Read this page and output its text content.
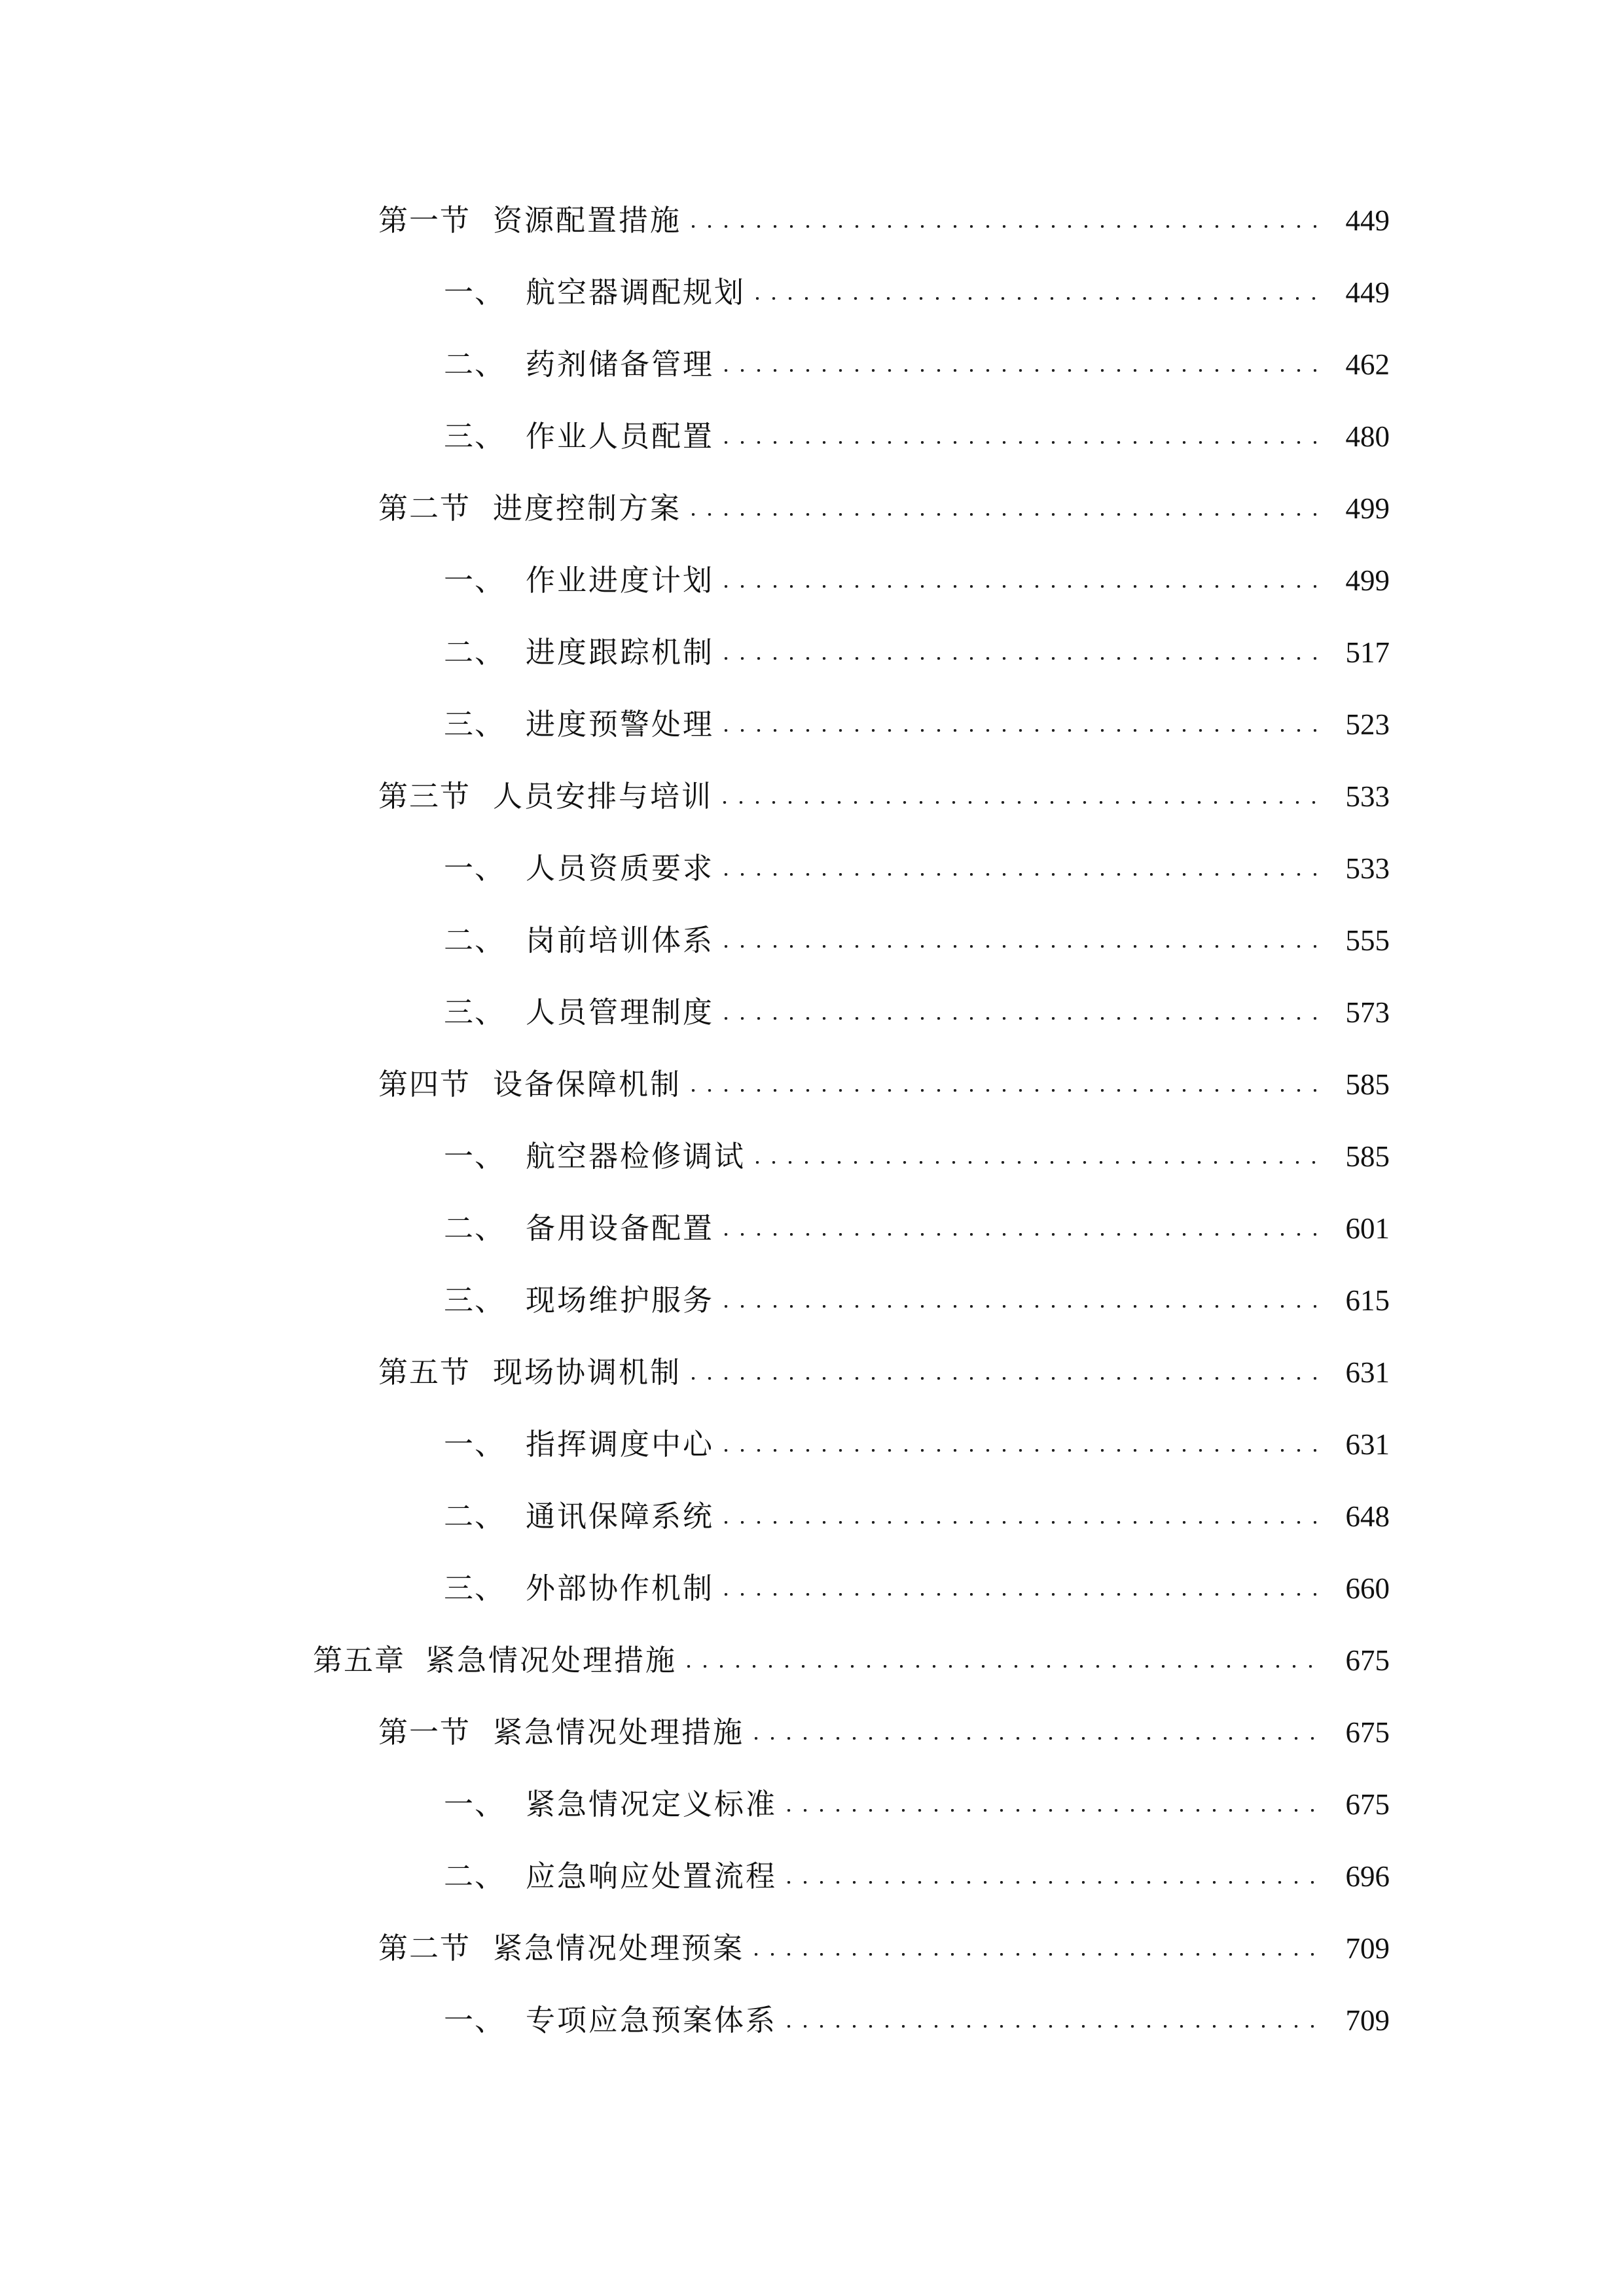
第一节 资源配置措施	449
一、 航空器调配规划	449
二、 药剂储备管理	462
三、 作业人员配置	480
第二节 进度控制方案	499
一、 作业进度计划	499
二、 进度跟踪机制	517
三、 进度预警处理	523
第三节 人员安排与培训	533
一、 人员资质要求	533
二、 岗前培训体系	555
三、 人员管理制度	573
第四节 设备保障机制	585
一、 航空器检修调试	585
二、 备用设备配置	601
三、 现场维护服务	615
第五节 现场协调机制	631
一、 指挥调度中心	631
二、 通讯保障系统	648
三、 外部协作机制	660
第五章 紧急情况处理措施	675
第一节 紧急情况处理措施	675
一、 紧急情况定义标准	675
二、 应急响应处置流程	696
第二节 紧急情况处理预案	709
一、 专项应急预案体系	709
